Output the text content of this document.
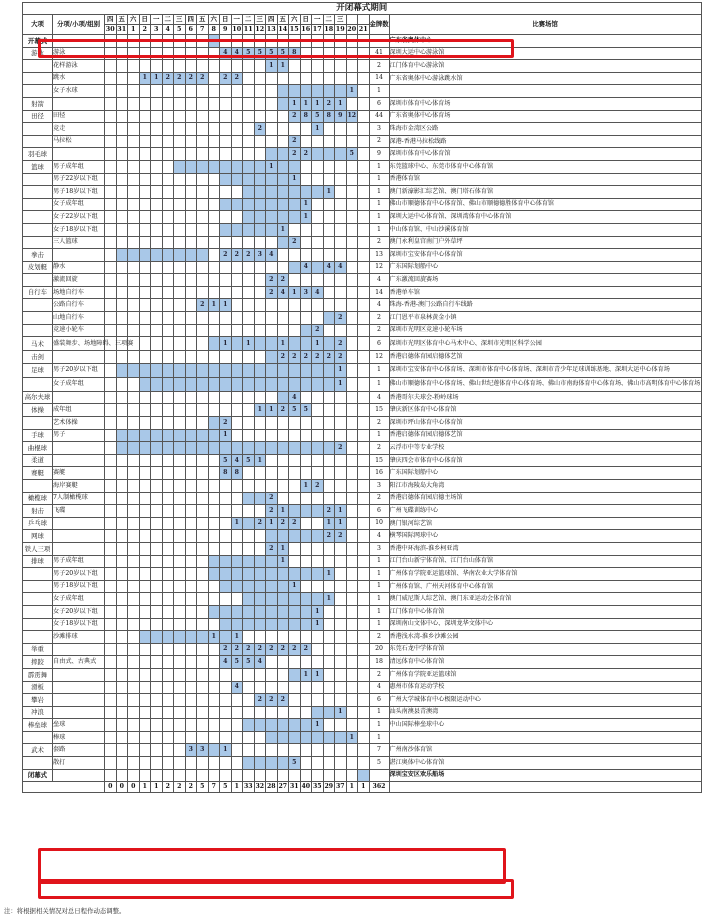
开闭幕式期间																										
大项	分项/小项/组别	四	五	六	日	一	二	三	四	五	六	日	一	二	三	四	五	六	日	一	二	三			金牌数	比赛场馆
		30	31	1	2	3	4	5	6	7	8	9	10	11	12	13	14	15	16	17	18	19	20	21		
开幕式																										广东省奥体中心
游泳	游泳											4	4	5	5	5	5	8							41	深圳大运中心游泳馆
	花样游泳															1	1								2	江门体育中心游泳馆
	跳水				1	1	2	2	2	2		2	2												14	广东省奥体中心游泳跳水馆
	女子水球																						1		1	
射箭																		1	1	1	2	1			6	深圳市体育中心体育场
田径	田径																	2	8	5	8	9	12		44	广东省奥体中心体育场
	竞走														2					1					3	珠海市金湾区公路
	马拉松																	2							2	深港-香港马拉松线路
羽毛球																		2	2				5		9	深圳市体育中心体育馆
篮球	男子成年组															1									1	东莞篮球中心、东莞市体育中心体育馆
	男子22岁以下组																	1							1	香港体育馆
	男子18岁以下组																				1				1	澳门新濠影汇综艺馆、澳门塔石体育馆
	女子成年组																		1						1	佛山市顺德体育中心体育馆、佛山市顺德德胜体育中心体育馆
	女子22岁以下组																		1						1	深圳大运中心体育馆、深圳湾体育中心体育馆
	女子18岁以下组																1								1	中山体育馆、中山沙溪体育馆
	三人篮球																	2							2	澳门永利皇宫南门户外草坪
拳击												2	2	2	3	4									13	深圳市宝安体育中心体育馆
皮划艇	静水																		4		4	4			12	广东国际划船中心
	激流回旋															2	2								4	广东激流回旋赛场
自行车	场地自行车															2	4	1	3	4					14	香港单车馆
	公路自行车									2	1	1													4	珠海-香港-澳门公路自行车线路
	山地自行车																					2			2	江门恩平市泉林黄金小镇
	竞速小轮车																			2					2	深圳市光明区竞速小轮车场
马术	盛装舞步、场地障碍、三项赛											1		1			1			1		2			6	深圳市光明区体育中心马术中心、深圳市光明区科学公园
击剑																	2	2	2	2	2	2			12	香港启德体育园启德体艺馆
足球	男子20岁以下组																					1			1	深圳市宝安体育中心体育场、深圳市体育中心体育场、深圳市青少年足球训练基地、深圳大运中心体育场
	女子成年组																					1			1	佛山市顺德体育中心体育场、佛山世纪莲体育中心体育场、佛山市南海体育中心体育场、佛山市高明体育中心体育场
高尔夫球																		4							4	香港哥尔夫球会-粉岭球场
体操	成年组														1	1	2	5	5						15	肇庆新区体育中心体育馆
	艺术体操											2													2	深圳市坪山体育中心体育馆
手球	男子											1													1	香港启德体育园启德体艺馆
曲棍球																						2			2	云浮市中等专业学校
柔道												5	4	5	1										15	肇庆四会市体育中心体育馆
赛艇	赛艇											8	8												16	广东国际划船中心
	海岸赛艇																		1	2					3	阳江市海陵岛大角湾
橄榄球	7人制橄榄球															2									2	香港启德体育园启德主场馆
射击	飞碟															2	1				2	1			6	广州飞碟训练中心
乒乓球													1		2	1	2	2			1	1			10	澳门银河综艺馆
网球																					2	2			4	横琴国际网球中心
铁人三项																2	1								3	香港中环海滨-淮乡柯亚湾
排球	男子成年组																1								1	江门台山新宁体育馆、江门台山体育馆
	男子20岁以下组																				1				1	广州体育学院亚运篮球馆、华南农业大学体育馆
	男子18岁以下组																	1							1	广州体育馆、广州天河体育中心体育馆
	女子成年组																				1				1	澳门威尼斯人综艺馆、澳门东亚运动会体育馆
	女子20岁以下组																			1					1	江门体育中心体育馆
	女子18岁以下组																			1					1	深圳南山文体中心、深圳龙华文体中心
	沙滩排球										1		1												2	香港浅水湾-淮乡沙滩公园
举重												2	2	2	2	2	2	2	2						20	东莞石龙中学体育馆
摔跤	自由式、古典式											4	5	5	4										18	清远体育中心体育馆
霹雳舞																			1	1					2	广州体育学院亚运篮球馆
滑板													4												4	惠州市体育运动学校
攀岩															2	2	2								6	广州大学城体育中心极限运动中心
冲浪																						1			1	汕头南澳县青澳湾
棒垒球	垒球																			1					1	中山国际棒垒球中心
	棒球																						1		1	
武术	套路								3	3		1													7	广州南沙体育馆
	散打																	5							5	湛江奥体中心体育馆
闭幕式																										深圳宝安区欢乐船场
		0	0	0	1	1	2	2	2	5	7	5	1	33	32	28	27	31	40	35	29	37	1	1	362	
注：将根据相关情况对总日程作动态调整。
